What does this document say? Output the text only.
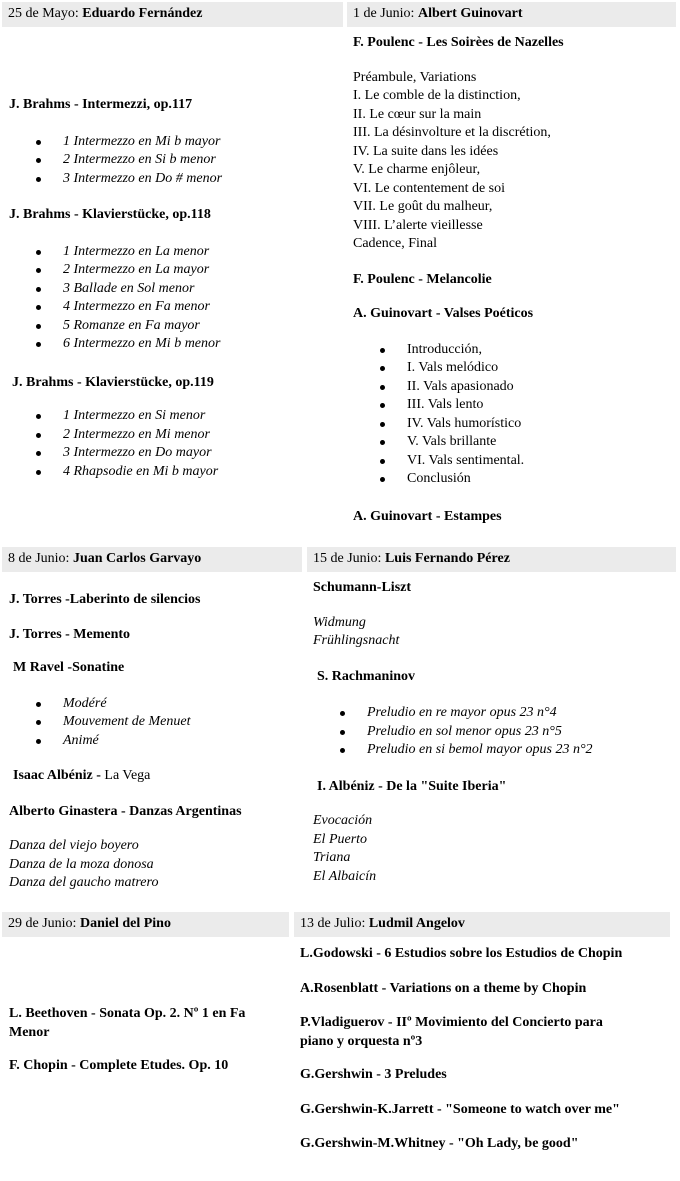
25 de Mayo: Eduardo Fernández

J. Brahms - Intermezzi, op.117

1 Intermezzo en Mi b mayor
2 Intermezzo en Si b menor
3 Intermezzo en Do # menor

J. Brahms - Klavierstücke, op.118

1 Intermezzo en La menor
2 Intermezzo en La mayor
3 Ballade en Sol menor
4 Intermezzo en Fa menor
5 Romanze en Fa mayor
6 Intermezzo en Mi b menor

J. Brahms - Klavierstücke, op.119

1 Intermezzo en Si menor
2 Intermezzo en Mi menor
3 Intermezzo en Do mayor
4 Rhapsodie en Mi b mayor
1 de Junio: Albert Guinovart

F. Poulenc - Les Soirèes de Nazelles

Préambule, Variations
I. Le comble de la distinction,
II. Le cœur sur la main
III. La désinvolture et la discrétion,
IV. La suite dans les idées
V. Le charme enjôleur,
VI. Le contentement de soi
VII. Le goût du malheur,
VIII. L’alerte vieillesse
Cadence, Final

F. Poulenc - Melancolie

A. Guinovart - Valses Poéticos

Introducción,
I. Vals melódico
II. Vals apasionado
III. Vals lento
IV. Vals humorístico
V. Vals brillante
VI. Vals sentimental.
Conclusión

A. Guinovart - Estampes

8 de Junio: Juan Carlos Garvayo

J. Torres -Laberinto de silencios

J. Torres - Memento

M Ravel -Sonatine

Modéré
Mouvement de Menuet
Animé

Isaac Albéniz - La Vega

Alberto Ginastera - Danzas Argentinas

Danza del viejo boyero
Danza de la moza donosa
Danza del gaucho matrero
15 de Junio: Luis Fernando Pérez

Schumann-Liszt

Widmung
Frühlingsnacht

S. Rachmaninov

Preludio en re mayor opus 23 n°4
Preludio en sol menor opus 23 n°5
Preludio en si bemol mayor opus 23 n°2

I. Albéniz - De la "Suite Iberia"

Evocación
El Puerto
Triana
El Albaicín
29 de Junio: Daniel del Pino

L. Beethoven - Sonata Op. 2. Nº 1 en Fa
Menor

F. Chopin - Complete Etudes. Op. 10

13 de Julio: Ludmil Angelov

L.Godowski - 6 Estudios sobre los Estudios de Chopin

A.Rosenblatt - Variations on a theme by Chopin

P.Vladiguerov - IIº Movimiento del Concierto para
piano y orquesta nº3

G.Gershwin - 3 Preludes

G.Gershwin-K.Jarrett - "Someone to watch over me"

G.Gershwin-M.Whitney - "Oh Lady, be good"
